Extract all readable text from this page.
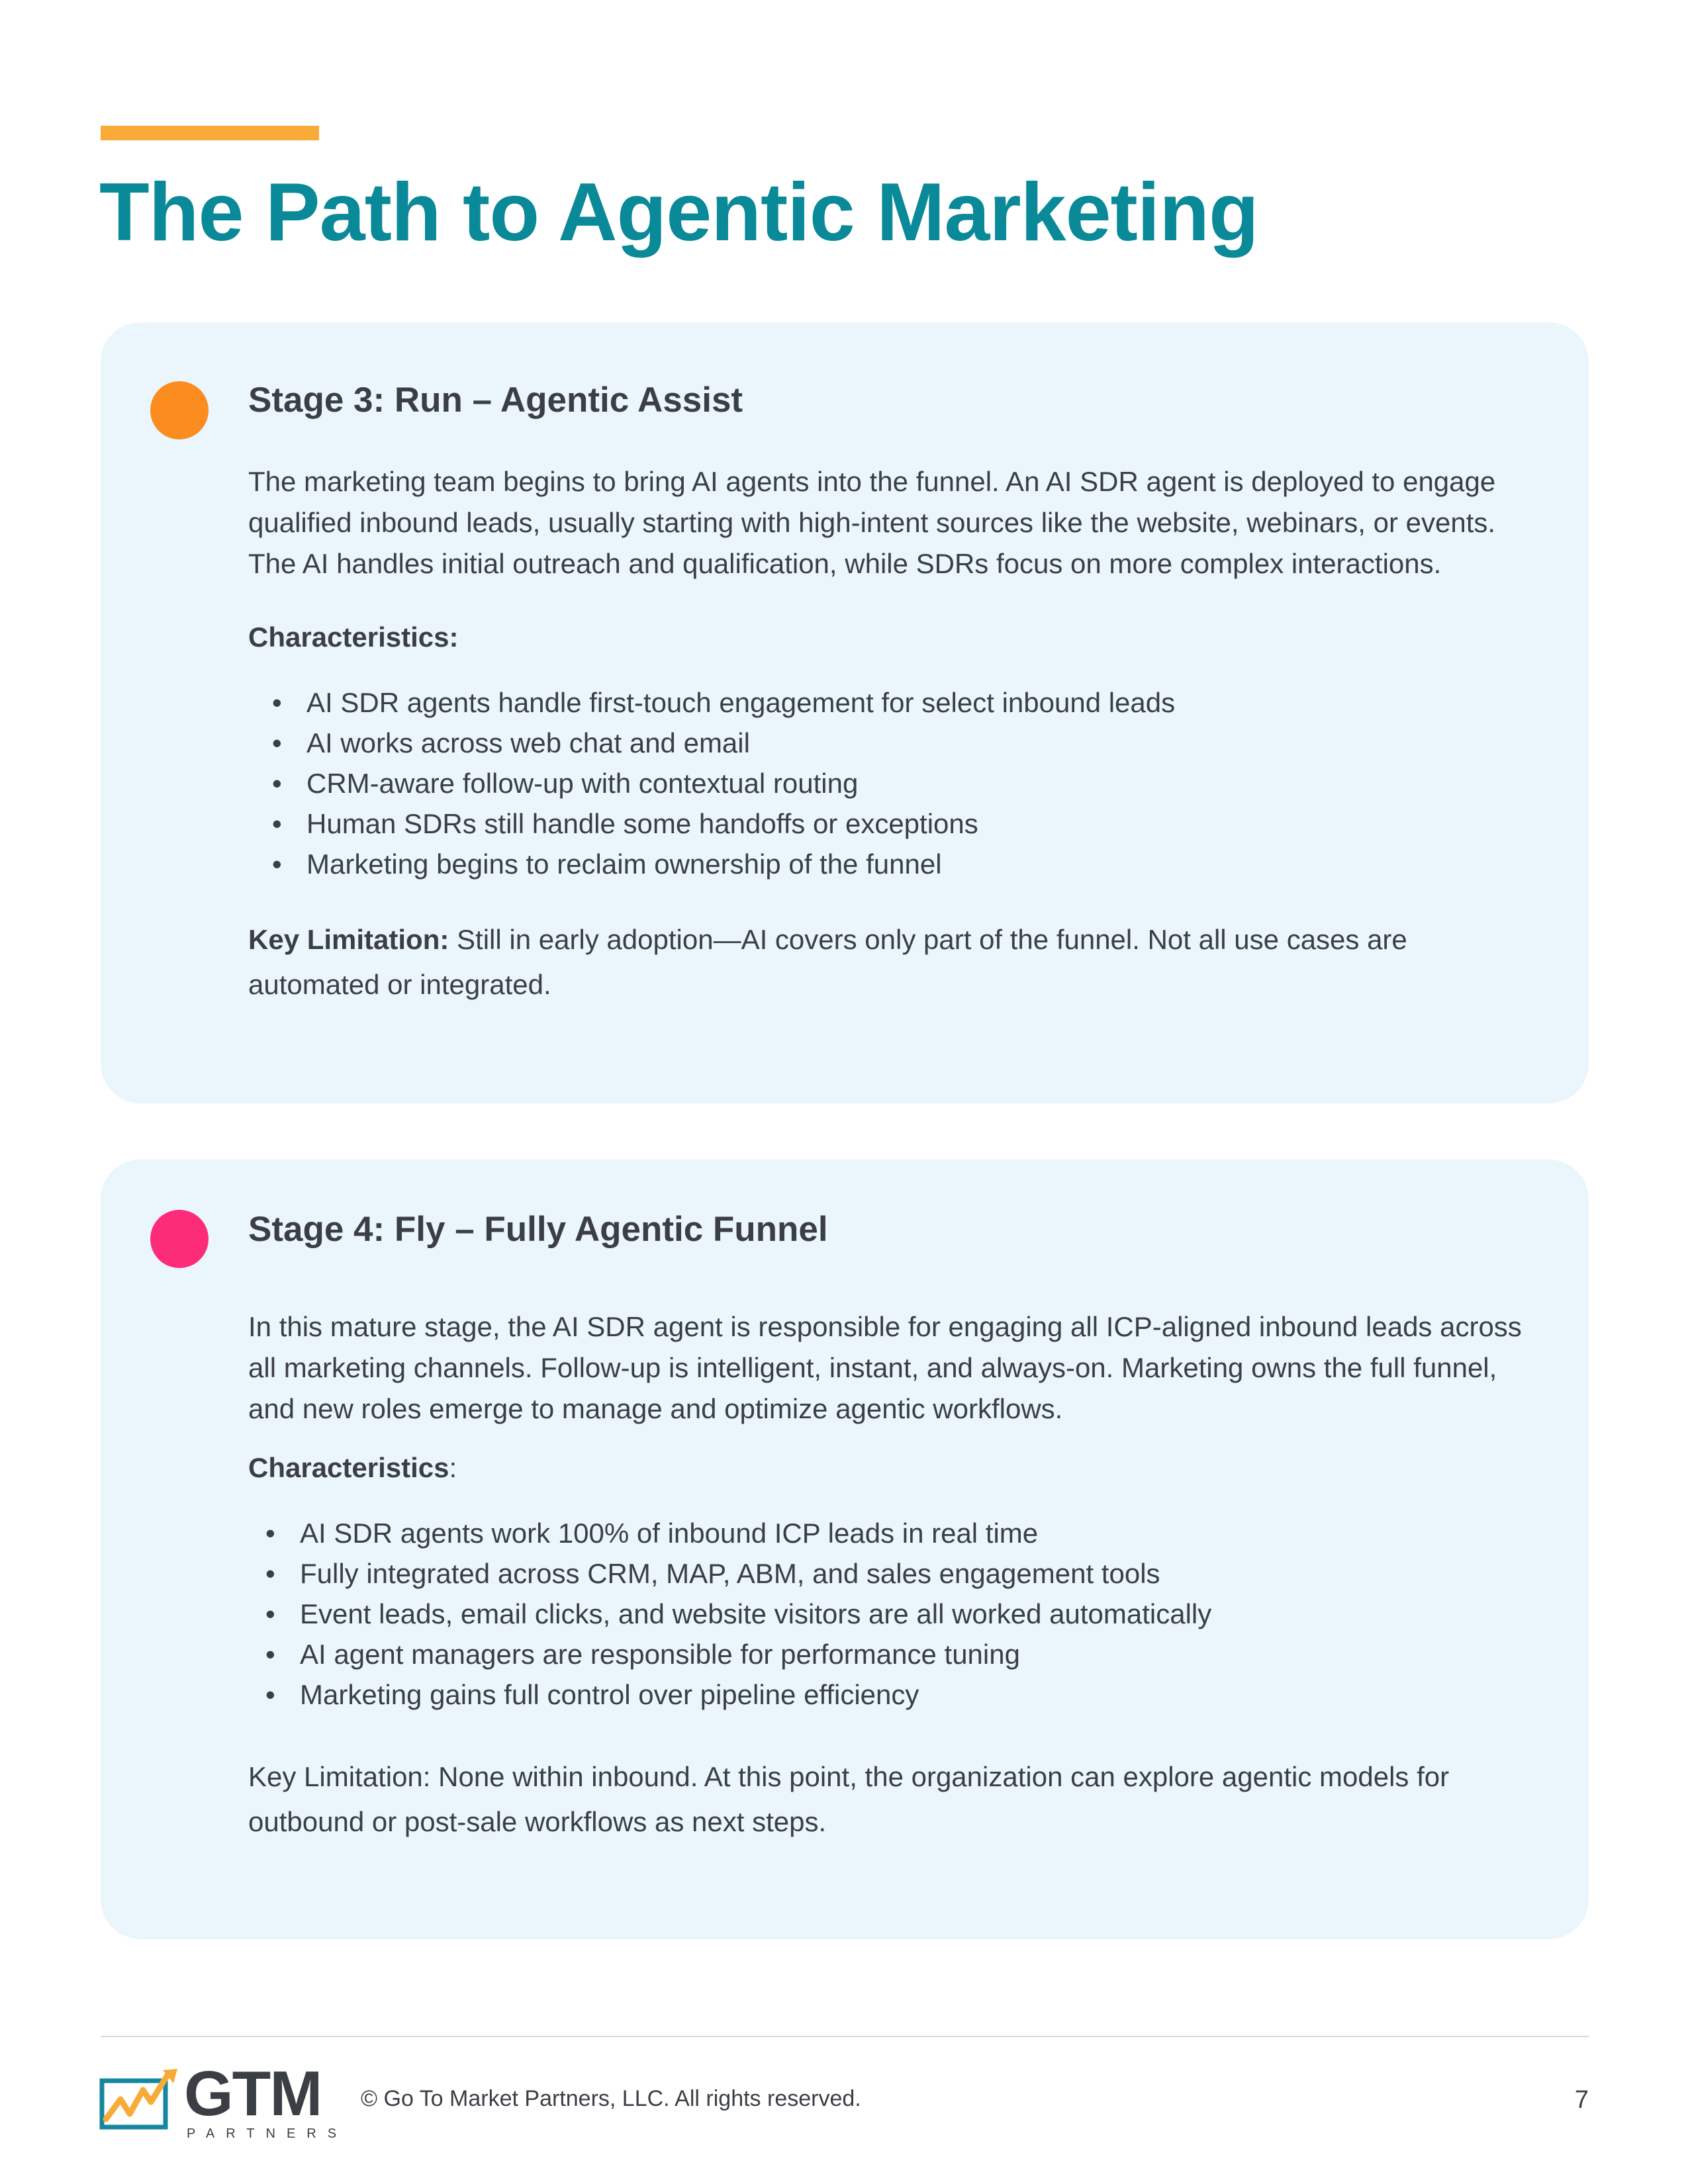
The Path to Agentic Marketing
Stage 3: Run – Agentic Assist

The marketing team begins to bring AI agents into the funnel. An AI SDR agent is deployed to engage qualified inbound leads, usually starting with high-intent sources like the website, webinars, or events. The AI handles initial outreach and qualification, while SDRs focus on more complex interactions.

Characteristics:

• AI SDR agents handle first-touch engagement for select inbound leads
• AI works across web chat and email
• CRM-aware follow-up with contextual routing
• Human SDRs still handle some handoffs or exceptions
• Marketing begins to reclaim ownership of the funnel

Key Limitation: Still in early adoption—AI covers only part of the funnel. Not all use cases are automated or integrated.

Stage 4: Fly – Fully Agentic Funnel

In this mature stage, the AI SDR agent is responsible for engaging all ICP-aligned inbound leads across all marketing channels. Follow-up is intelligent, instant, and always-on. Marketing owns the full funnel, and new roles emerge to manage and optimize agentic workflows.

Characteristics:

• AI SDR agents work 100% of inbound ICP leads in real time
• Fully integrated across CRM, MAP, ABM, and sales engagement tools
• Event leads, email clicks, and website visitors are all worked automatically
• AI agent managers are responsible for performance tuning
• Marketing gains full control over pipeline efficiency

Key Limitation: None within inbound. At this point, the organization can explore agentic models for outbound or post-sale workflows as next steps.

GTM
PARTNERS
© Go To Market Partners, LLC. All rights reserved.	7
